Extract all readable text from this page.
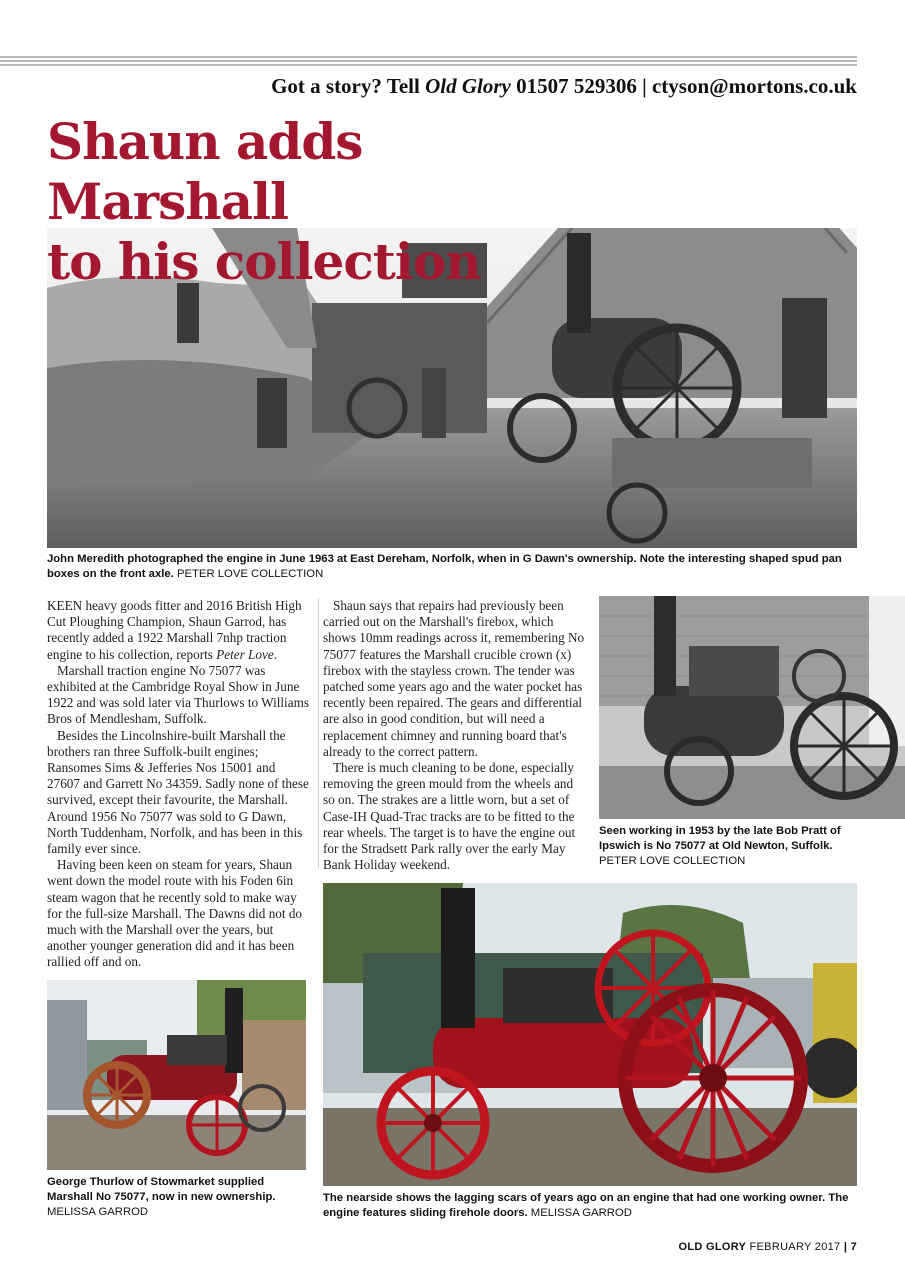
Got a story? Tell Old Glory 01507 529306 | ctyson@mortons.co.uk
Shaun adds Marshall
to his collection
John Meredith photographed the engine in June 1963 at East Dereham, Norfolk, when in G Dawn's ownership. Note the interesting shaped spud pan boxes on the front axle. PETER LOVE COLLECTION

KEEN heavy goods fitter and 2016 British High Cut Ploughing Champion, Shaun Garrod, has recently added a 1922 Marshall 7nhp traction engine to his collection, reports Peter Love.

Marshall traction engine No 75077 was exhibited at the Cambridge Royal Show in June 1922 and was sold later via Thurlows to Williams Bros of Mendlesham, Suffolk.

Besides the Lincolnshire-built Marshall the brothers ran three Suffolk-built engines; Ransomes Sims & Jefferies Nos 15001 and 27607 and Garrett No 34359. Sadly none of these survived, except their favourite, the Marshall. Around 1956 No 75077 was sold to G Dawn, North Tuddenham, Norfolk, and has been in this family ever since.

Having been keen on steam for years, Shaun went down the model route with his Foden 6in steam wagon that he recently sold to make way for the full-size Marshall. The Dawns did not do much with the Marshall over the years, but another younger generation did and it has been rallied off and on.

Shaun says that repairs had previously been carried out on the Marshall's firebox, which shows 10mm readings across it, remembering No 75077 features the Marshall crucible crown (x) firebox with the stayless crown. The tender was patched some years ago and the water pocket has recently been repaired. The gears and differential are also in good condition, but will need a replacement chimney and running board that's already to the correct pattern.

There is much cleaning to be done, especially removing the green mould from the wheels and so on. The strakes are a little worn, but a set of Case-IH Quad-Trac tracks are to be fitted to the rear wheels. The target is to have the engine out for the Stradsett Park rally over the early May Bank Holiday weekend.

Seen working in 1953 by the late Bob Pratt of Ipswich is No 75077 at Old Newton, Suffolk.
PETER LOVE COLLECTION
The nearside shows the lagging scars of years ago on an engine that had one working owner. The engine features sliding firehole doors. MELISSA GARROD
George Thurlow of Stowmarket supplied Marshall No 75077, now in new ownership.
MELISSA GARROD
OLD GLORY FEBRUARY 2017 | 7
